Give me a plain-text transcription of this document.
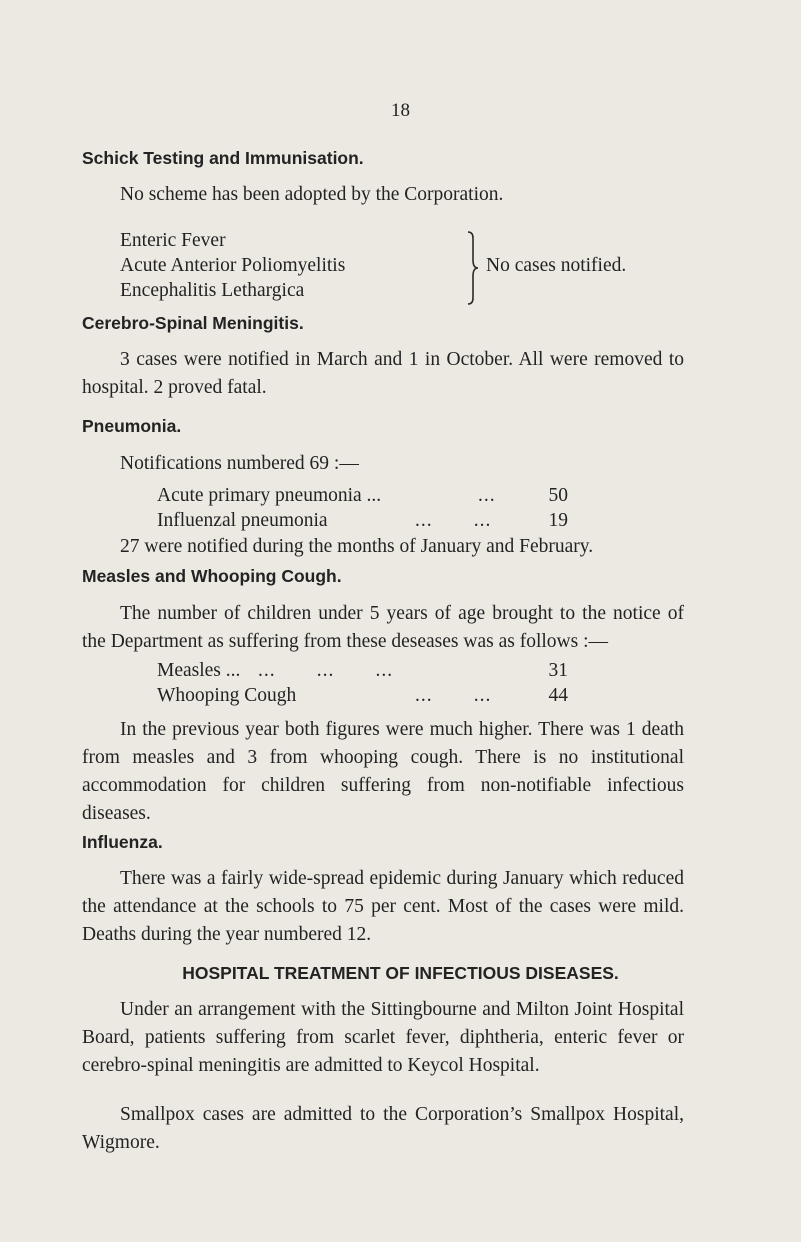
18
Schick Testing and Immunisation.

No scheme has been adopted by the Corporation.

Enteric Fever
Acute Anterior Poliomyelitis
Encephalitis Lethargica
No cases notified.
Cerebro-Spinal Meningitis.

3 cases were notified in March and 1 in October. All were removed to hospital. 2 proved fatal.

Pneumonia.

Notifications numbered 69 :—

Acute primary pneumonia ...	...	50
Influenzal pneumonia	...       ...	19

27 were notified during the months of January and February.

Measles and Whooping Cough.

The number of children under 5 years of age brought to the notice of the Department as suffering from these deseases was as follows :—

Measles ... ...       ...       ...	31
Whooping Cough	...       ...	44

In the previous year both figures were much higher. There was 1 death from measles and 3 from whooping cough. There is no institutional accommodation for children suffering from non-notifiable infectious diseases.

Influenza.

There was a fairly wide-spread epidemic during January which reduced the attendance at the schools to 75 per cent. Most of the cases were mild. Deaths during the year numbered 12.

HOSPITAL TREATMENT OF INFECTIOUS DISEASES.

Under an arrangement with the Sittingbourne and Milton Joint Hospital Board, patients suffering from scarlet fever, diphtheria, enteric fever or cerebro-spinal meningitis are admitted to Keycol Hospital.

Smallpox cases are admitted to the Corporation’s Smallpox Hospital, Wigmore.
